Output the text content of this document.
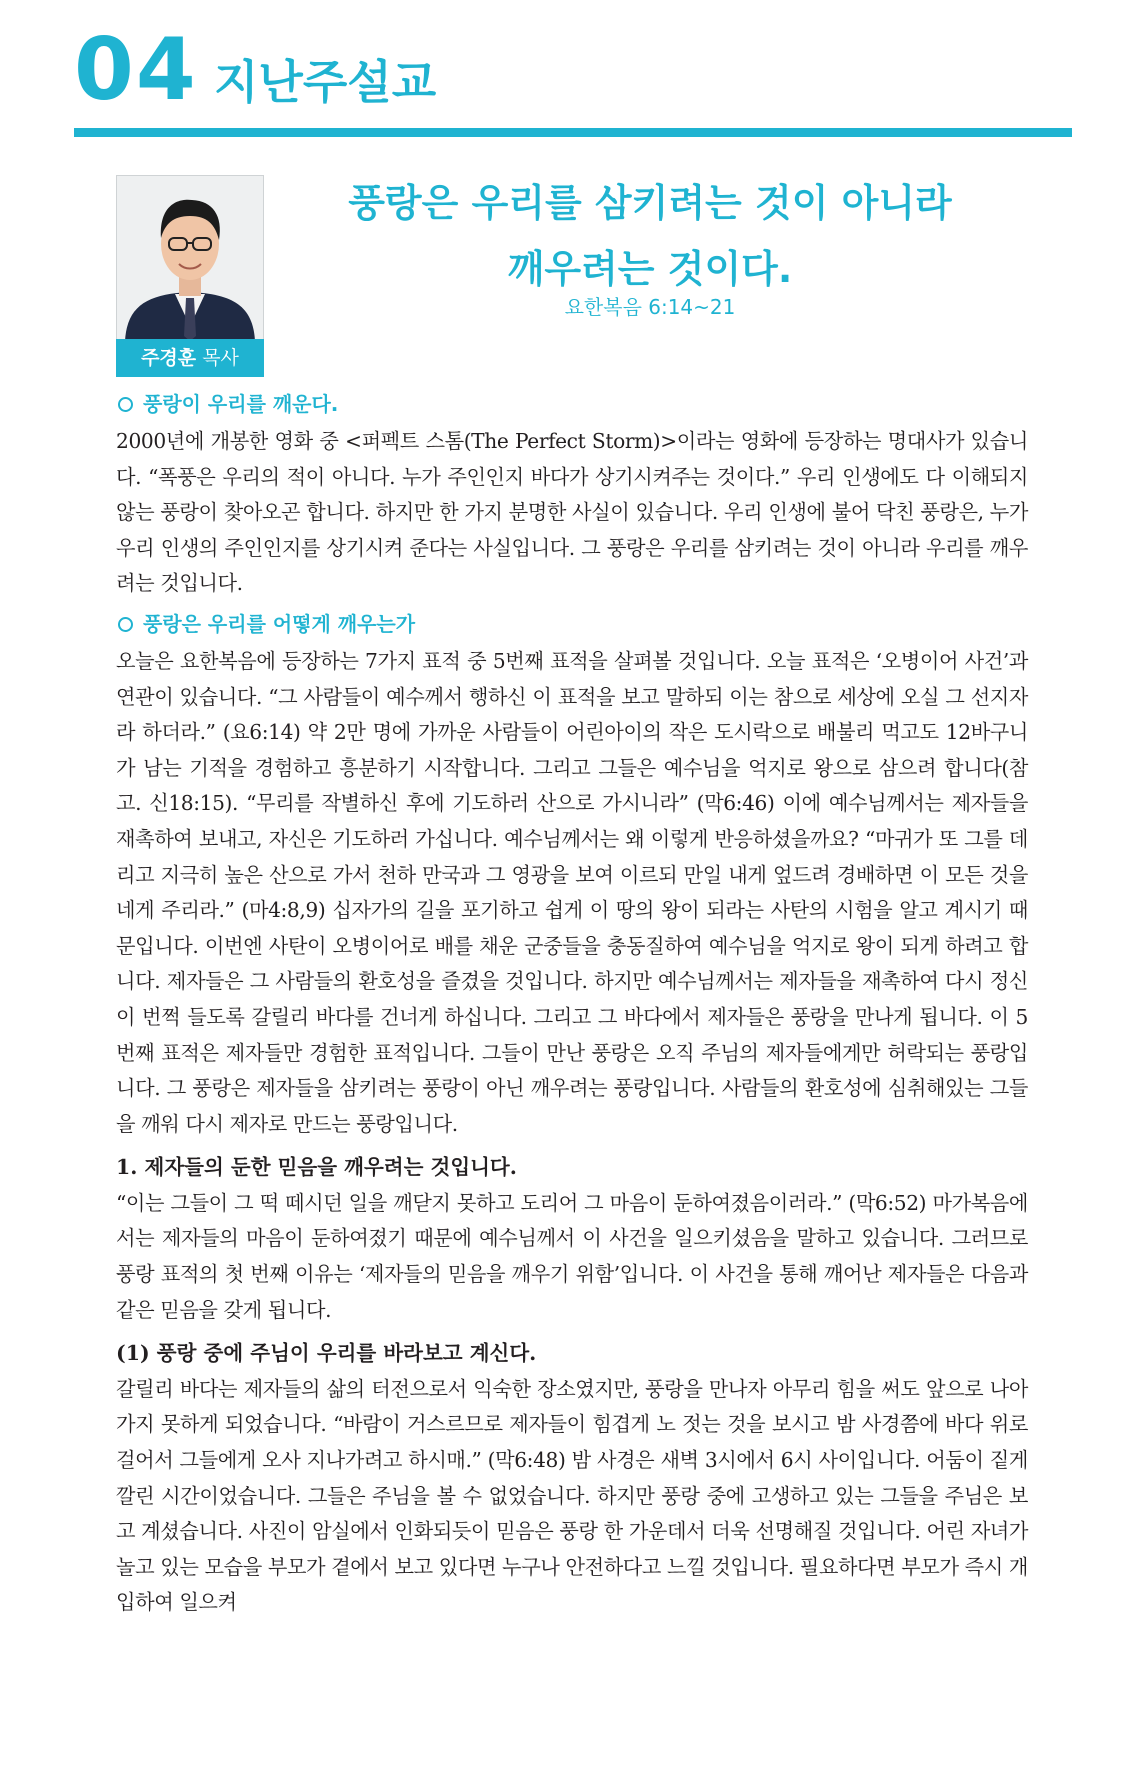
04 지난주설교
주경훈 목사
풍랑은 우리를 삼키려는 것이 아니라
깨우려는 것이다.
요한복음 6:14~21
풍랑이 우리를 깨운다.

2000년에 개봉한 영화 중 <퍼펙트 스톰(The Perfect Storm)>이라는 영화에 등장하는 명대사가 있습니다. “폭풍은 우리의 적이 아니다. 누가 주인인지 바다가 상기시켜주는 것이다.” 우리 인생에도 다 이해되지 않는 풍랑이 찾아오곤 합니다. 하지만 한 가지 분명한 사실이 있습니다. 우리 인생에 불어 닥친 풍랑은, 누가 우리 인생의 주인인지를 상기시켜 준다는 사실입니다. 그 풍랑은 우리를 삼키려는 것이 아니라 우리를 깨우려는 것입니다.

풍랑은 우리를 어떻게 깨우는가

오늘은 요한복음에 등장하는 7가지 표적 중 5번째 표적을 살펴볼 것입니다. 오늘 표적은 ‘오병이어 사건’과 연관이 있습니다. “그 사람들이 예수께서 행하신 이 표적을 보고 말하되 이는 참으로 세상에 오실 그 선지자라 하더라.” (요6:14) 약 2만 명에 가까운 사람들이 어린아이의 작은 도시락으로 배불리 먹고도 12바구니가 남는 기적을 경험하고 흥분하기 시작합니다. 그리고 그들은 예수님을 억지로 왕으로 삼으려 합니다(참고. 신18:15). “무리를 작별하신 후에 기도하러 산으로 가시니라” (막6:46) 이에 예수님께서는 제자들을 재촉하여 보내고, 자신은 기도하러 가십니다. 예수님께서는 왜 이렇게 반응하셨을까요? “마귀가 또 그를 데리고 지극히 높은 산으로 가서 천하 만국과 그 영광을 보여 이르되 만일 내게 엎드려 경배하면 이 모든 것을 네게 주리라.” (마4:8,9) 십자가의 길을 포기하고 쉽게 이 땅의 왕이 되라는 사탄의 시험을 알고 계시기 때문입니다. 이번엔 사탄이 오병이어로 배를 채운 군중들을 충동질하여 예수님을 억지로 왕이 되게 하려고 합니다. 제자들은 그 사람들의 환호성을 즐겼을 것입니다. 하지만 예수님께서는 제자들을 재촉하여 다시 정신이 번쩍 들도록 갈릴리 바다를 건너게 하십니다. 그리고 그 바다에서 제자들은 풍랑을 만나게 됩니다. 이 5번째 표적은 제자들만 경험한 표적입니다. 그들이 만난 풍랑은 오직 주님의 제자들에게만 허락되는 풍랑입니다. 그 풍랑은 제자들을 삼키려는 풍랑이 아닌 깨우려는 풍랑입니다. 사람들의 환호성에 심취해있는 그들을 깨워 다시 제자로 만드는 풍랑입니다.

1. 제자들의 둔한 믿음을 깨우려는 것입니다.

“이는 그들이 그 떡 떼시던 일을 깨닫지 못하고 도리어 그 마음이 둔하여졌음이러라.” (막6:52) 마가복음에서는 제자들의 마음이 둔하여졌기 때문에 예수님께서 이 사건을 일으키셨음을 말하고 있습니다. 그러므로 풍랑 표적의 첫 번째 이유는 ‘제자들의 믿음을 깨우기 위함’입니다. 이 사건을 통해 깨어난 제자들은 다음과 같은 믿음을 갖게 됩니다.

(1) 풍랑 중에 주님이 우리를 바라보고 계신다.

갈릴리 바다는 제자들의 삶의 터전으로서 익숙한 장소였지만, 풍랑을 만나자 아무리 힘을 써도 앞으로 나아가지 못하게 되었습니다. “바람이 거스르므로 제자들이 힘겹게 노 젓는 것을 보시고 밤 사경쯤에 바다 위로 걸어서 그들에게 오사 지나가려고 하시매.” (막6:48) 밤 사경은 새벽 3시에서 6시 사이입니다. 어둠이 짙게 깔린 시간이었습니다. 그들은 주님을 볼 수 없었습니다. 하지만 풍랑 중에 고생하고 있는 그들을 주님은 보고 계셨습니다. 사진이 암실에서 인화되듯이 믿음은 풍랑 한 가운데서 더욱 선명해질 것입니다. 어린 자녀가 놀고 있는 모습을 부모가 곁에서 보고 있다면 누구나 안전하다고 느낄 것입니다. 필요하다면 부모가 즉시 개입하여 일으켜
